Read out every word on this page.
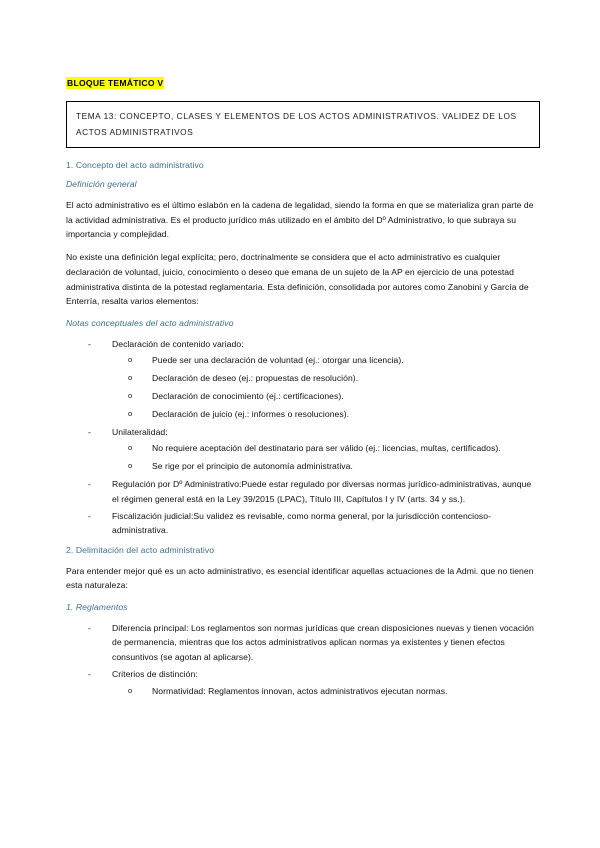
BLOQUE TEMÁTICO V
TEMA 13: CONCEPTO, CLASES Y ELEMENTOS DE LOS ACTOS ADMINISTRATIVOS. VALIDEZ DE LOS ACTOS ADMINISTRATIVOS
1. Concepto del acto administrativo
Definición general

El acto administrativo es el último eslabón en la cadena de legalidad, siendo la forma en que se materializa gran parte de la actividad administrativa. Es el producto jurídico más utilizado en el ámbito del Dº Administrativo, lo que subraya su importancia y complejidad.

No existe una definición legal explícita; pero, doctrinalmente se considera que el acto administrativo es cualquier declaración de voluntad, juicio, conocimiento o deseo que emana de un sujeto de la AP en ejercicio de una potestad administrativa distinta de la potestad reglamentaria. Esta definición, consolidada por autores como Zanobini y García de Enterría, resalta varios elementos:

Notas conceptuales del acto administrativo
- Declaración de contenido variado:
o Puede ser una declaración de voluntad (ej.: otorgar una licencia).
o Declaración de deseo (ej.: propuestas de resolución).
o Declaración de conocimiento (ej.: certificaciones).
o Declaración de juicio (ej.: informes o resoluciones).
- Unilateralidad:
o No requiere aceptación del destinatario para ser válido (ej.: licencias, multas, certificados).
o Se rige por el principio de autonomía administrativa.
- Regulación por Dº Administrativo:Puede estar regulado por diversas normas jurídico-administrativas, aunque el régimen general está en la Ley 39/2015 (LPAC), Título III, Capítulos I y IV (arts. 34 y ss.).
- Fiscalización judicial:Su validez es revisable, como norma general, por la jurisdicción contencioso-administrativa.
2. Delimitación del acto administrativo

Para entender mejor qué es un acto administrativo, es esencial identificar aquellas actuaciones de la Admi. que no tienen esta naturaleza:

1. Reglamentos
- Diferencia principal: Los reglamentos son normas jurídicas que crean disposiciones nuevas y tienen vocación de permanencia, mientras que los actos administrativos aplican normas ya existentes y tienen efectos consuntivos (se agotan al aplicarse).
- Criterios de distinción:
o Normatividad: Reglamentos innovan, actos administrativos ejecutan normas.
